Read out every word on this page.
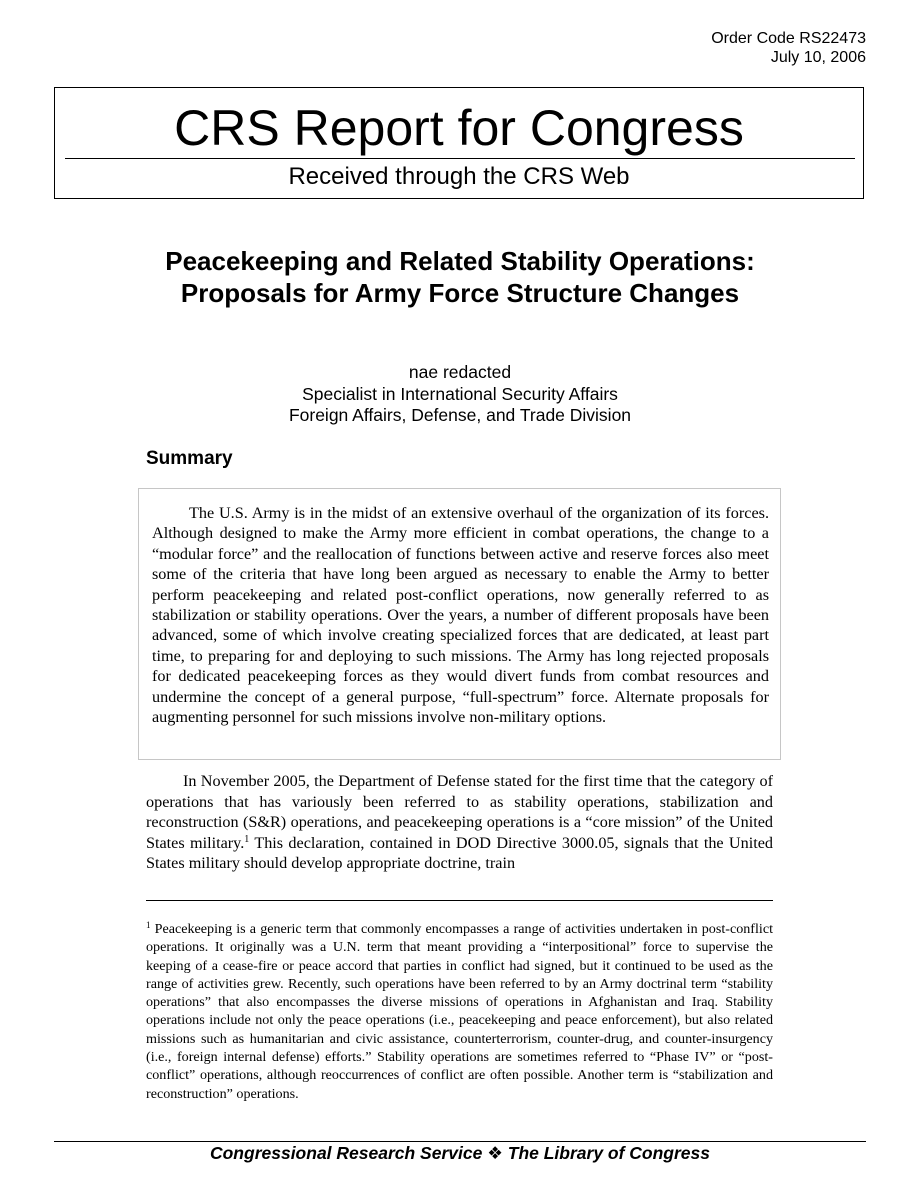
Order Code RS22473
July 10, 2006
CRS Report for Congress
Received through the CRS Web
Peacekeeping and Related Stability Operations: Proposals for Army Force Structure Changes
nae redacted
Specialist in International Security Affairs
Foreign Affairs, Defense, and Trade Division
Summary

The U.S. Army is in the midst of an extensive overhaul of the organization of its forces. Although designed to make the Army more efficient in combat operations, the change to a “modular force” and the reallocation of functions between active and reserve forces also meet some of the criteria that have long been argued as necessary to enable the Army to better perform peacekeeping and related post-conflict operations, now generally referred to as stabilization or stability operations. Over the years, a number of different proposals have been advanced, some of which involve creating specialized forces that are dedicated, at least part time, to preparing for and deploying to such missions. The Army has long rejected proposals for dedicated peacekeeping forces as they would divert funds from combat resources and undermine the concept of a general purpose, “full-spectrum” force. Alternate proposals for augmenting personnel for such missions involve non-military options.

In November 2005, the Department of Defense stated for the first time that the category of operations that has variously been referred to as stability operations, stabilization and reconstruction (S&R) operations, and peacekeeping operations is a “core mission” of the United States military.$^1$ This declaration, contained in DOD Directive 3000.05, signals that the United States military should develop appropriate doctrine, train

$^1$ Peacekeeping is a generic term that commonly encompasses a range of activities undertaken in post-conflict operations. It originally was a U.N. term that meant providing a “interpositional” force to supervise the keeping of a cease-fire or peace accord that parties in conflict had signed, but it continued to be used as the range of activities grew. Recently, such operations have been referred to by an Army doctrinal term “stability operations” that also encompasses the diverse missions of operations in Afghanistan and Iraq. Stability operations include not only the peace operations (i.e., peacekeeping and peace enforcement), but also related missions such as humanitarian and civic assistance, counterterrorism, counter-drug, and counter-insurgency (i.e., foreign internal defense) efforts.” Stability operations are sometimes referred to “Phase IV” or “post-conflict” operations, although reoccurrences of conflict are often possible. Another term is “stabilization and reconstruction” operations.

Congressional Research Service ❖ The Library of Congress
